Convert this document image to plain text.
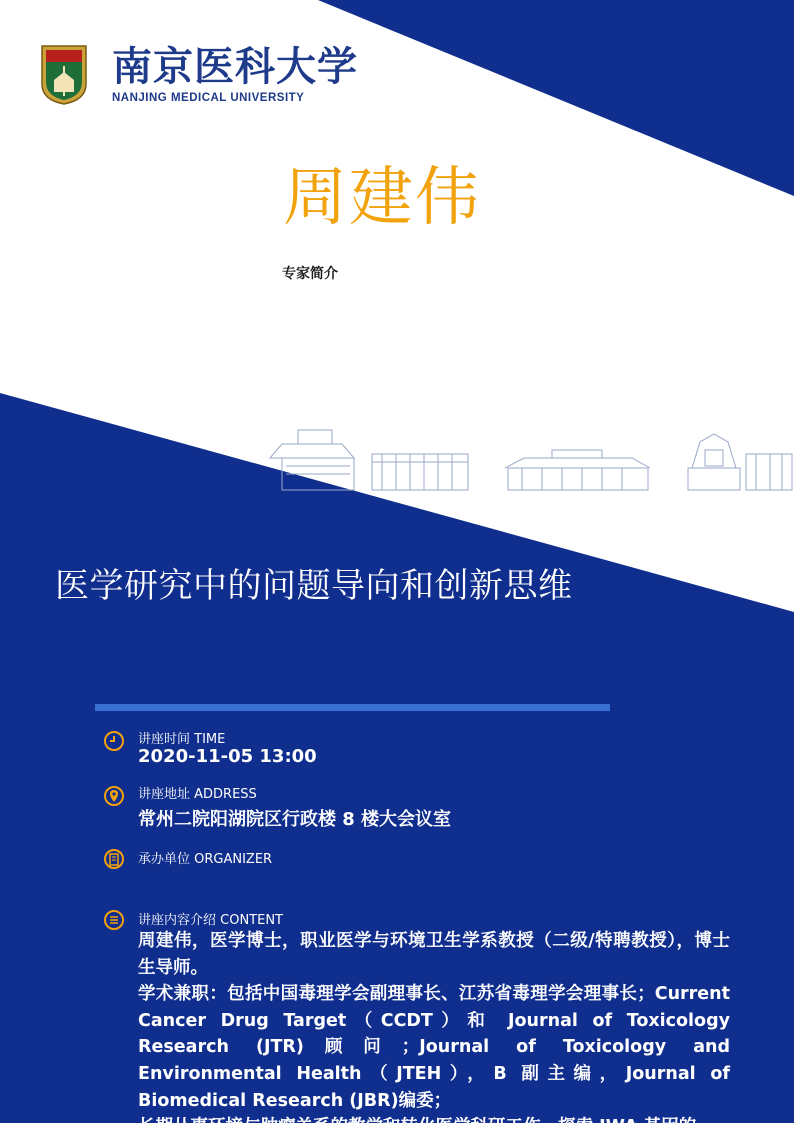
南京医科大学
NANJING MEDICAL UNIVERSITY
周建伟
专家简介
医学研究中的问题导向和创新思维
讲座时间 TIME
2020-11-05 13:00
讲座地址 ADDRESS
常州二院阳湖院区行政楼 8 楼大会议室
承办单位 ORGANIZER
讲座内容介绍 CONTENT

周建伟，医学博士，职业医学与环境卫生学系教授（二级/特聘教授），博士生导师。

学术兼职：包括中国毒理学会副理事长、江苏省毒理学会理事长；Current Cancer Drug Target（CCDT）和 Journal of Toxicology Research (JTR)顾问；Journal of Toxicology and Environmental Health（JTEH），B 副主编，Journal of Biomedical Research (JBR)编委；

长期从事环境与肿瘤关系的教学和转化医学科研工作，探索 JWA 基因的
